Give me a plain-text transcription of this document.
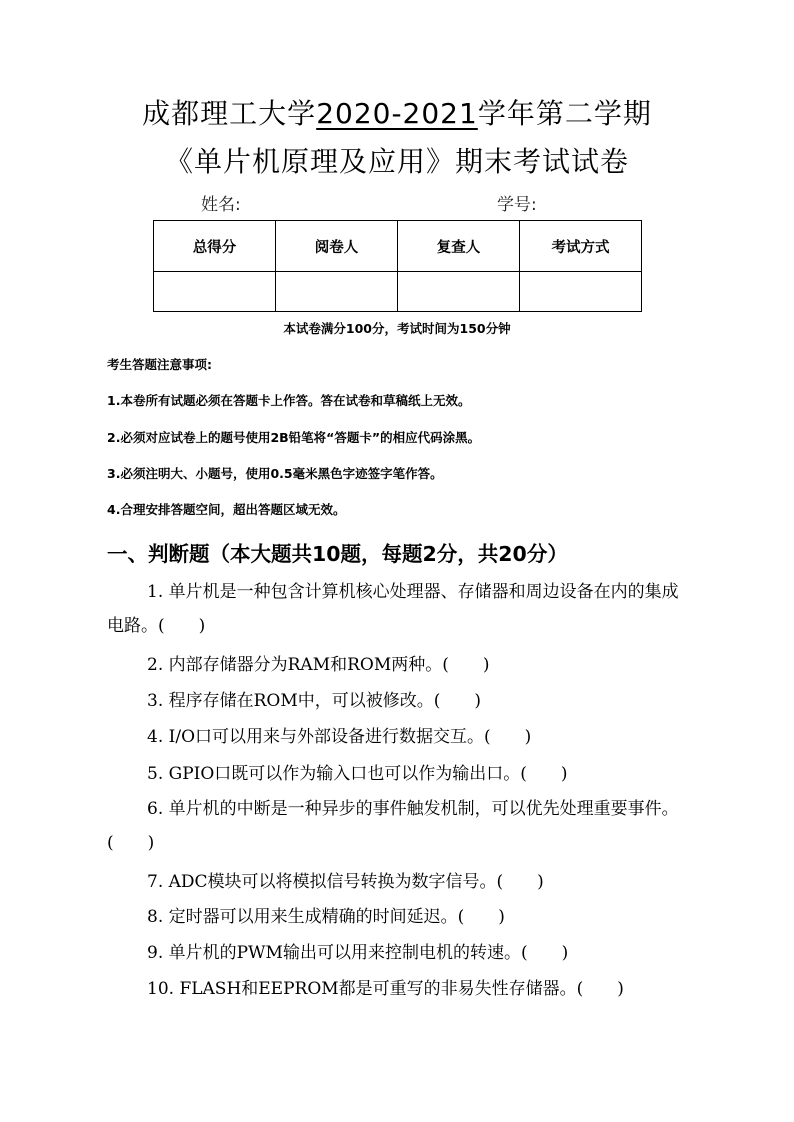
成都理工大学2020-2021学年第二学期
《单片机原理及应用》期末考试试卷
姓名:	学号:
总得分	阅卷人	复查人	考试方式

本试卷满分100分，考试时间为150分钟
考生答题注意事项:
1.本卷所有试题必须在答题卡上作答。答在试卷和草稿纸上无效。
2.必须对应试卷上的题号使用2B铅笔将“答题卡”的相应代码涂黑。
3.必须注明大、小题号，使用0.5毫米黑色字迹签字笔作答。
4.合理安排答题空间，超出答题区域无效。
一、判断题（本大题共10题，每题2分，共20分）
1. 单片机是一种包含计算机核心处理器、存储器和周边设备在内的集成电路。(　　)
2. 内部存储器分为RAM和ROM两种。(　　)
3. 程序存储在ROM中，可以被修改。(　　)
4. I/O口可以用来与外部设备进行数据交互。(　　)
5. GPIO口既可以作为输入口也可以作为输出口。(　　)
6. 单片机的中断是一种异步的事件触发机制，可以优先处理重要事件。(　　)
7. ADC模块可以将模拟信号转换为数字信号。(　　)
8. 定时器可以用来生成精确的时间延迟。(　　)
9. 单片机的PWM输出可以用来控制电机的转速。(　　)
10. FLASH和EEPROM都是可重写的非易失性存储器。(　　)
